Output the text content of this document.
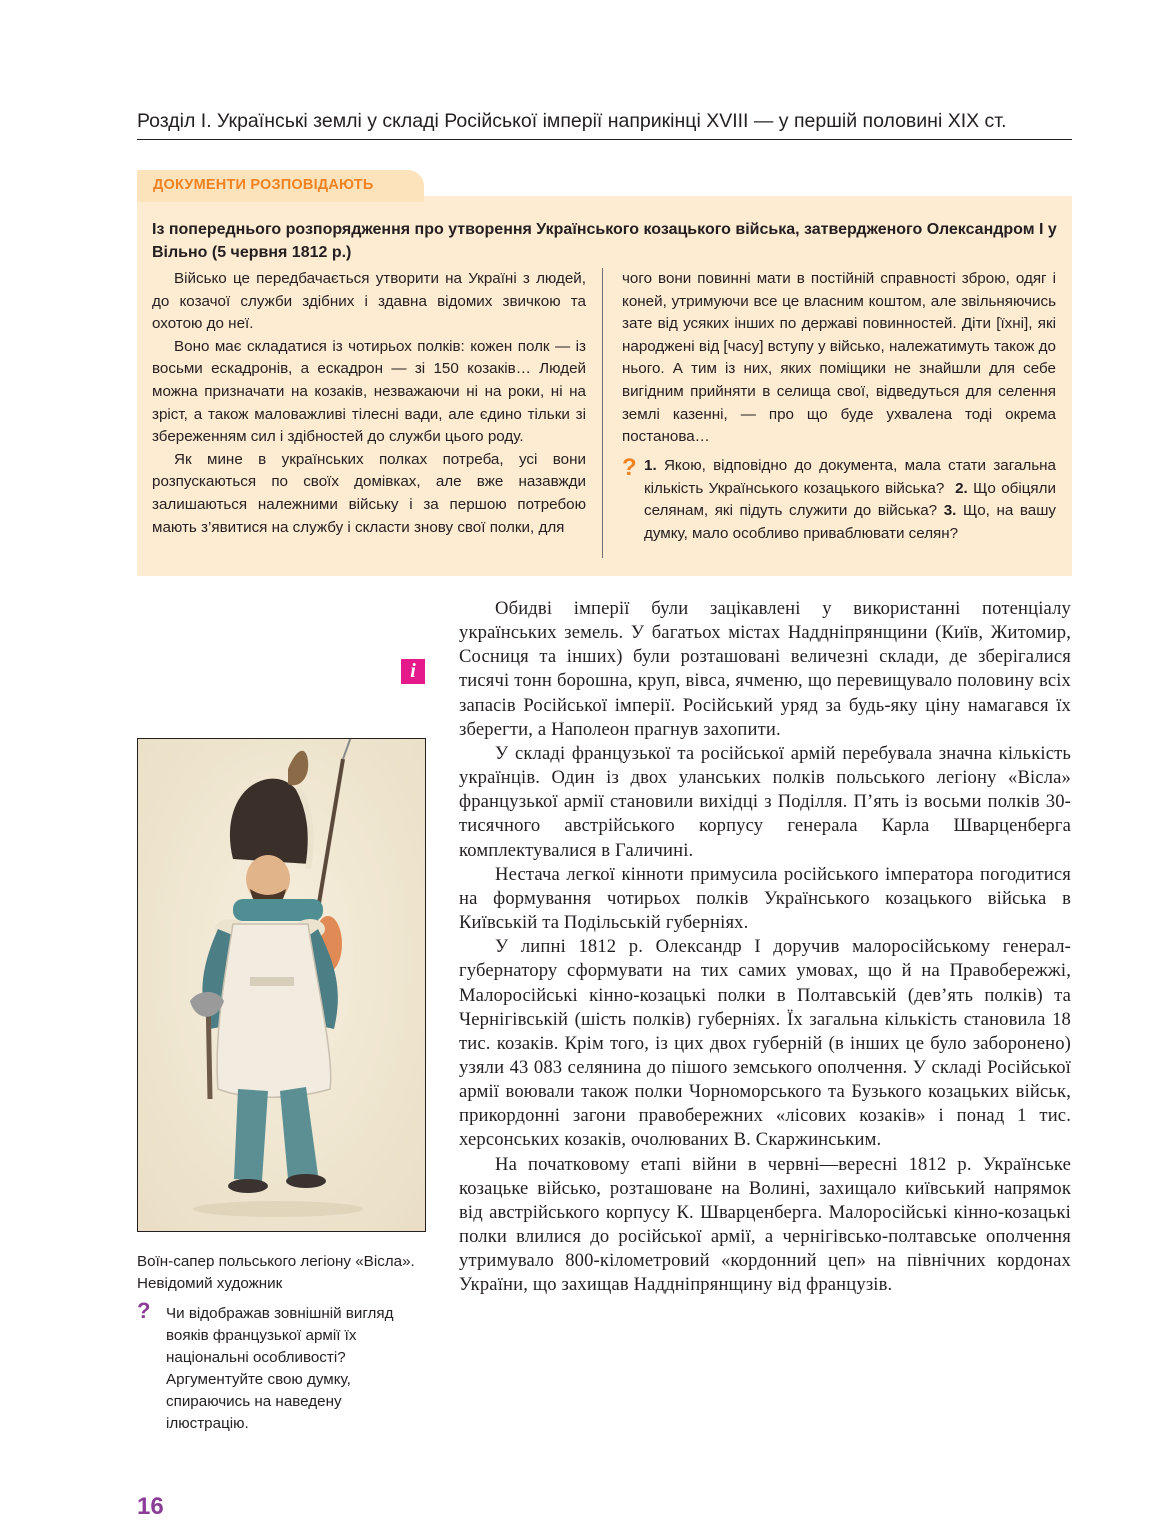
Розділ I. Українські землі у складі Російської імперії наприкінці XVIII — у першій половині XIX ст.
ДОКУМЕНТИ РОЗПОВІДАЮТЬ
Із попереднього розпорядження про утворення Українського козацького війська, затвердженого Олександром І у Вільно (5 червня 1812 р.)

Військо це передбачається утворити на Україні з людей, до козачої служби здібних і здавна відомих звичкою та охотою до неї.

Воно має складатися із чотирьох полків: кожен полк — із восьми ескадронів, а ескадрон — зі 150 козаків… Людей можна призначати на козаків, незважаючи ні на роки, ні на зріст, а також маловажливі тілесні вади, але єдино тільки зі збереженням сил і здібностей до служби цього роду.

Як мине в українських полках потреба, усі вони розпускаються по своїх домівках, але вже назавжди залишаються належними війську і за першою потребою мають з’явитися на службу і скласти знову свої полки, для

чого вони повинні мати в постійній справності зброю, одяг і коней, утримуючи все це власним коштом, але звільняючись зате від усяких інших по державі повинностей. Діти [їхні], які народжені від [часу] вступу у військо, належатимуть також до нього. А тим із них, яких поміщики не знайшли для себе вигідним прийняти в селища свої, відведуться для селення землі казенні, — про що буде ухвалена тоді окрема постанова…

? 1. Якою, відповідно до документа, мала стати загальна кількість Українського козацького війська? 2. Що обіцяли селянам, які підуть служити до війська? 3. Що, на вашу думку, мало особливо приваблювати селян?
i

Обидві імперії були зацікавлені у використанні потенціалу українських земель. У багатьох містах Наддніпрянщини (Київ, Житомир, Сосниця та інших) були розташовані величезні склади, де зберігалися тисячі тонн борошна, круп, вівса, ячменю, що перевищувало половину всіх запасів Російської імперії. Російський уряд за будь-яку ціну намагався їх зберегти, а Наполеон прагнув захопити.

У складі французької та російської армій перебувала значна кількість українців. Один із двох уланських полків польського легіону «Вісла» французької армії становили вихідці з Поділля. П’ять із восьми полків 30-тисячного австрійського корпусу генерала Карла Шварценберга комплектувалися в Галичині.

Нестача легкої кінноти примусила російського імператора погодитися на формування чотирьох полків Українського козацького війська в Київській та Подільській губерніях.

У липні 1812 р. Олександр І доручив малоросійському генерал-губернатору сформувати на тих самих умовах, що й на Правобережжі, Малоросійські кінно-козацькі полки в Полтавській (дев’ять полків) та Чернігівській (шість полків) губерніях. Їх загальна кількість становила 18 тис. козаків. Крім того, із цих двох губерній (в інших це було заборонено) узяли 43 083 селянина до пішого земського ополчення. У складі Російської армії воювали також полки Чорноморського та Бузького козацьких військ, прикордонні загони правобережних «лісових козаків» і понад 1 тис. херсонських козаків, очолюваних В. Скаржинським.

На початковому етапі війни в червні—вересні 1812 р. Українське козацьке військо, розташоване на Волині, захищало київський напрямок від австрійського корпусу К. Шварценберга. Малоросійські кінно-козацькі полки влилися до російської армії, а чернігівсько-полтавське ополчення утримувало 800-кілометровий «кордонний цеп» на північних кордонах України, що захищав Наддніпрянщину від французів.

Воїн-сапер польського легіону «Вісла». Невідомий художник
? Чи відображав зовнішній вигляд вояків французької армії їх національні особливості? Аргументуйте свою думку, спираючись на наведену ілюстрацію.
16
